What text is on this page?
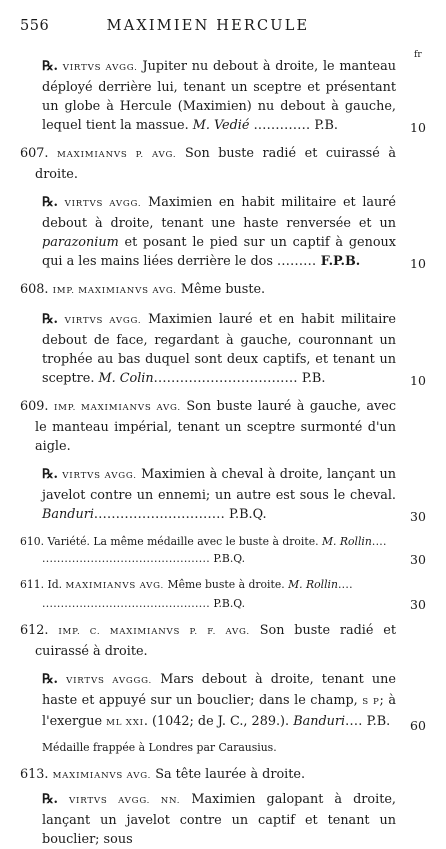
556	MAXIMIEN HERCULE
fr
℞. VIRTVS AVGG. Jupiter nu debout à droite, le manteau déployé derrière lui, tenant un sceptre et présentant un globe à Hercule (Maximien) nu debout à gauche, lequel tient la massue. M. Vedié ............. P.B.	10
607. MAXIMIANVS P. AVG. Son buste radié et cuirassé à droite.
℞. VIRTVS AVGG. Maximien en habit militaire et lauré debout à droite, tenant une haste renversée et un parazonium et posant le pied sur un captif à genoux qui a les mains liées derrière le dos ......... F.P.B.	10
608. IMP. MAXIMIANVS AVG. Même buste.
℞. VIRTVS AVGG. Maximien lauré et en habit militaire debout de face, regardant à gauche, couronnant un trophée au bas duquel sont deux captifs, et tenant un sceptre. M. Colin................................. P.B.	10
609. IMP. MAXIMIANVS AVG. Son buste lauré à gauche, avec le manteau impérial, tenant un sceptre surmonté d'un aigle.
℞. VIRTVS AVGG. Maximien à cheval à droite, lançant un javelot contre un ennemi; un autre est sous le cheval. Banduri.............................. P.B.Q.	30
610. Variété. La même médaille avec le buste à droite. M. Rollin....
............................................. P.B.Q.	30
611. Id. MAXIMIANVS AVG. Même buste à droite. M. Rollin....
............................................. P.B.Q.	30
612. IMP. C. MAXIMIANVS P. F. AVG. Son buste radié et cuirassé à droite.
℞. VIRTVS AVGGG. Mars debout à droite, tenant une haste et appuyé sur un bouclier; dans le champ, S P; à l'exergue ML XXI. (1042; de J. C., 289.). Banduri.... P.B.	60
Médaille frappée à Londres par Carausius.
613. MAXIMIANVS AVG. Sa tête laurée à droite.
℞. VIRTVS AVGG. NN. Maximien galopant à droite, lançant un javelot contre un captif et tenant un bouclier; sous
